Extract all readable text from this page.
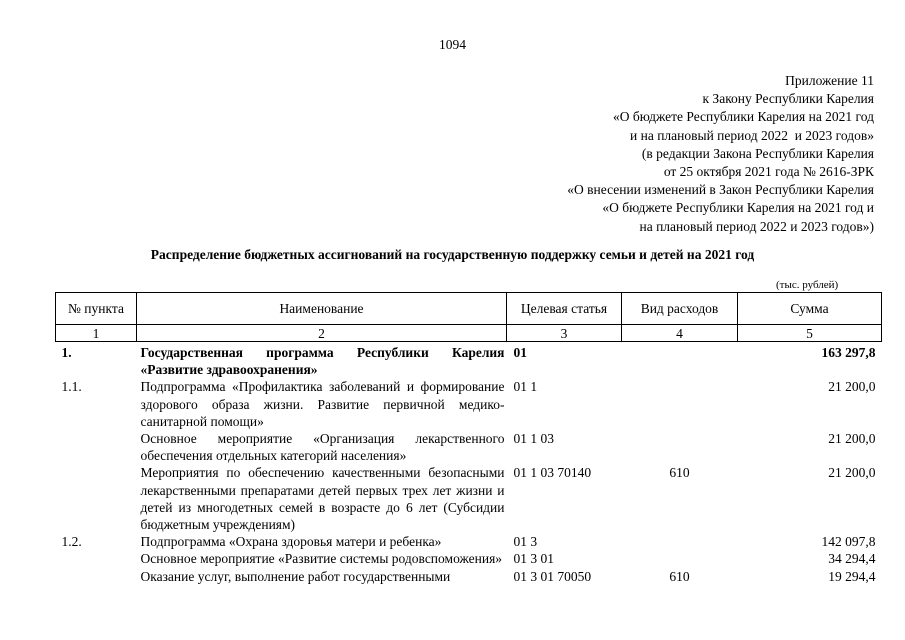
1094
Приложение 11
к Закону Республики Карелия
«О бюджете Республики Карелия на 2021 год
и на плановый период 2022  и 2023 годов»
(в редакции Закона Республики Карелия
от 25 октября 2021 года № 2616-ЗРК
«О внесении изменений в Закон Республики Карелия
«О бюджете Республики Карелия на 2021 год и
на плановый период 2022 и 2023 годов»)
Распределение бюджетных ассигнований на государственную поддержку семьи и детей на 2021 год
(тыс. рублей)
№ пункта	Наименование	Целевая статья	Вид расходов	Сумма
1	2	3	4	5
1.	Государственная программа Республики Карелия «Развитие здравоохранения»	01		163 297,8
1.1.	Подпрограмма «Профилактика заболеваний и формирование здорового образа жизни. Развитие первичной медико-санитарной помощи»	01 1		21 200,0
	Основное мероприятие «Организация лекарственного обеспечения отдельных категорий населения»	01 1 03		21 200,0
	Мероприятия по обеспечению качественными безопасными лекарственными препаратами детей первых трех лет жизни и детей из многодетных семей в возрасте до 6 лет (Субсидии бюджетным учреждениям)	01 1 03 70140	610	21 200,0
1.2.	Подпрограмма «Охрана здоровья матери и ребенка»	01 3		142 097,8
	Основное мероприятие «Развитие системы родовспоможения»	01 3 01		34 294,4
	Оказание услуг, выполнение работ государственными	01 3 01 70050	610	19 294,4
